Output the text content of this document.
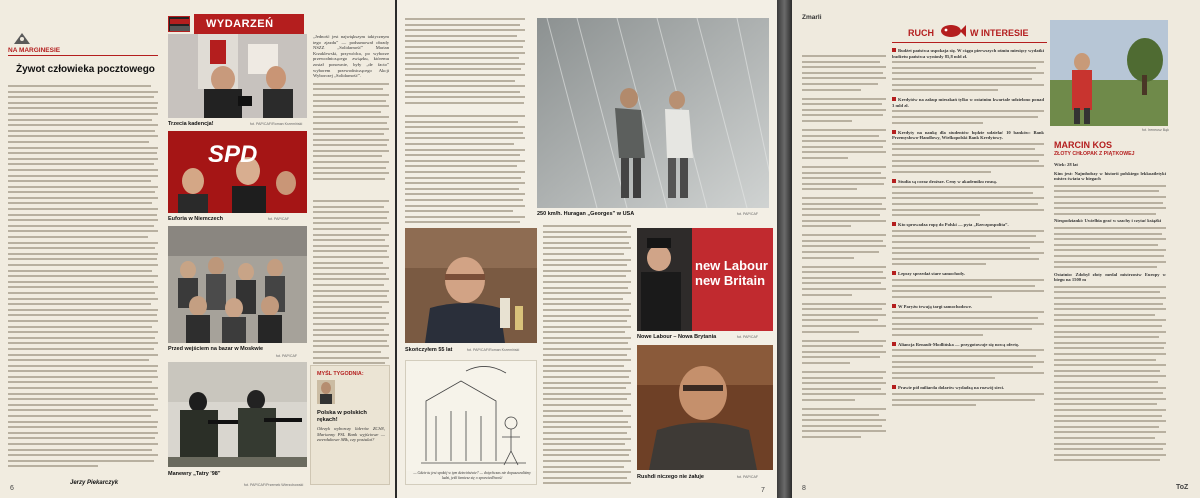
NA MARGINESIE
Żywot człowieka pocztowego
Jerzy Piekarczyk
6
WYDARZEŃ
Trzecia kadencja!	fot. PAP/CAF/Roman Krzemiński
SPD
Euforia w Niemczech	fot. PAP/CAF
Przed wejściem na bazar w Moskwie
fot. PAP/CAF
Manewry „Tatry '98”
fot. PAP/CAF/Przemek Wierzchowski
„Jedność jest największym taktycznym tego zjazdu” — podsumował obrady NSZZ „Solidarność” Marian Krzaklewski, przywódca, po wyborze przewodniczącego związku, któremu został ponownie, były „de facto” wyborem przewodniczącego Akcji Wyborczej „Solidarność”.
MYŚL TYGODNIA:
Polska w polskich rękach!
Okrzyk wyborczy liderów ZChN, Marianny PSL Bank wyjściowe — zwerdukowe SBk, czy postulat?
250 km/h. Huragan „Georges” w USA	fot. PAP/CAF
Skończyłem 55 lat	fot. PAP/CAF/Roman Krzemiński
— Gdzie tu jest spokój w tym dzieciństwie? — dotychczas nie dopuszczaliśmy ludzi, jeśli łamiesz się o sprawiedliwość
new Labour
new Britain
Nowe Labour – Nowa Brytania	fot. PAP/CAF
Rushdi niczego nie żałuje	fot. PAP/CAF
7
Zmarli
RUCH	W INTERESIE
Budżet państwa uspokaja się. W ciągu pierwszych ośmiu miesięcy wydatki budżetu państwa wyniosły 85,8 mld zł.
Kredytów na zakup mieszkań tylko w ostatnim kwartale udzielono ponad 3 mld zł.
Kredyty na naukę dla studentów będzie udzielać 10 banków: Bank Przemysłowo-Handlowy, Wielkopolski Bank Kredytowy.
Studia są coraz droższe. Ceny w akademiku rosną.
Kto sprowadza ropę do Polski — pyta „Rzeczpospolita”.
Lepszy sprzedaż stare samochody.
W Paryżu trwają targi samochodowe.
Aliancja Renault-Modlińska — przygotowuje się nową ofertę.
Prawie pół miliarda dolarów wydadzą na rozwój sieci.
fot. Ireneusz Bąk
MARCIN KOS
ZŁOTY CHŁOPAK Z PIĄTKOWEJ
Wiek: 28 lat
Kim jest: Najmłodszy w historii polskiego lekkoatletyki mistrz świata w biegach
Niespodzianki: Uwielbia grać w szachy i czytać książki
Ostatnio: Zdobył złoty medal mistrzostw Europy w biegu na 1500 m
8	ToZ
